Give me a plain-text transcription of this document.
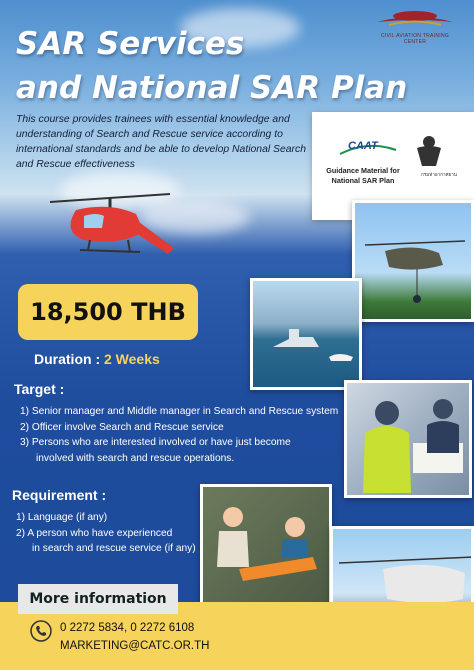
SAR Services
and National SAR Plan
CIVIL AVIATION TRAINING CENTER
This course provides trainees with essential knowledge and understanding of Search and Rescue service according to international standards and be able to develop National Search and Rescue effectiveness
CAAT
Guidance Material for National SAR Plan
กรมท่าอากาศยาน
18,500 THB
Duration : 2 Weeks
Target :
1) Senior manager and Middle manager in Search and Rescue system
2) Officer involve Search and Rescue service
3) Persons who are interested involved or have just become
involved with search and rescue operations.
Requirement :
1) Language (if any)
2) A person who have experienced
in search and rescue service (if any)
More information
0 2272 5834, 0 2272 6108
MARKETING@CATC.OR.TH
